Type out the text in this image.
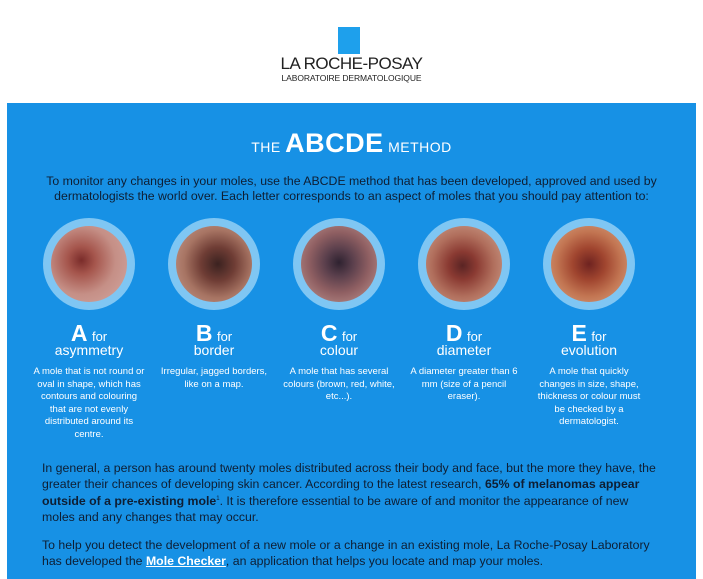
LA ROCHE-POSAY
LABORATOIRE DERMATOLOGIQUE
THE ABCDE METHOD
To monitor any changes in your moles, use the ABCDE method that has been developed, approved and used by dermatologists the world over. Each letter corresponds to an aspect of moles that you should pay attention to:
A for
asymmetry
A mole that is not round or oval in shape, which has contours and colouring that are not evenly distributed around its centre.
B for
border
Irregular, jagged borders, like on a map.
C for
colour
A mole that has several colours (brown, red, white, etc...).
D for
diameter
A diameter greater than 6 mm (size of a pencil eraser).
E for
evolution
A mole that quickly changes in size, shape, thickness or colour must be checked by a dermatologist.
In general, a person has around twenty moles distributed across their body and face, but the more they have, the greater their chances of developing skin cancer. According to the latest research, 65% of melanomas appear outside of a pre-existing mole$^1$. It is therefore essential to be aware of and monitor the appearance of new moles and any changes that may occur.
To help you detect the development of a new mole or a change in an existing mole, La Roche-Posay Laboratory has developed the Mole Checker, an application that helps you locate and map your moles.
